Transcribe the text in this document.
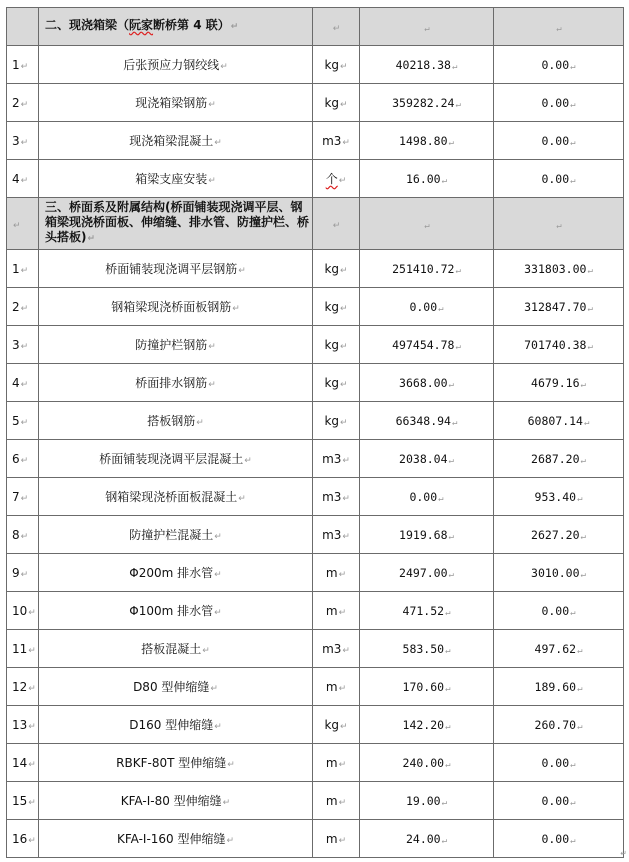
	二、现浇箱梁（阮家断桥第 4 联）↵	↵	↵	↵
1↵	后张预应力钢绞线↵	kg↵	40218.38↵	0.00↵
2↵	现浇箱梁钢筋↵	kg↵	359282.24↵	0.00↵
3↵	现浇箱梁混凝土↵	m3↵	1498.80↵	0.00↵
4↵	箱梁支座安装↵	个↵	16.00↵	0.00↵
↵	三、桥面系及附属结构(桥面铺装现浇调平层、钢箱梁现浇桥面板、伸缩缝、排水管、防撞护栏、桥头搭板)↵	↵	↵	↵
1↵	桥面铺装现浇调平层钢筋↵	kg↵	251410.72↵	331803.00↵
2↵	钢箱梁现浇桥面板钢筋↵	kg↵	0.00↵	312847.70↵
3↵	防撞护栏钢筋↵	kg↵	497454.78↵	701740.38↵
4↵	桥面排水钢筋↵	kg↵	3668.00↵	4679.16↵
5↵	搭板钢筋↵	kg↵	66348.94↵	60807.14↵
6↵	桥面铺装现浇调平层混凝土↵	m3↵	2038.04↵	2687.20↵
7↵	钢箱梁现浇桥面板混凝土↵	m3↵	0.00↵	953.40↵
8↵	防撞护栏混凝土↵	m3↵	1919.68↵	2627.20↵
9↵	Φ200m 排水管↵	m↵	2497.00↵	3010.00↵
10↵	Φ100m 排水管↵	m↵	471.52↵	0.00↵
11↵	搭板混凝土↵	m3↵	583.50↵	497.62↵
12↵	D80 型伸缩缝↵	m↵	170.60↵	189.60↵
13↵	D160 型伸缩缝↵	kg↵	142.20↵	260.70↵
14↵	RBKF-80T 型伸缩缝↵	m↵	240.00↵	0.00↵
15↵	KFA-I-80 型伸缩缝↵	m↵	19.00↵	0.00↵
16↵	KFA-I-160 型伸缩缝↵	m↵	24.00↵	0.00↵
↵
